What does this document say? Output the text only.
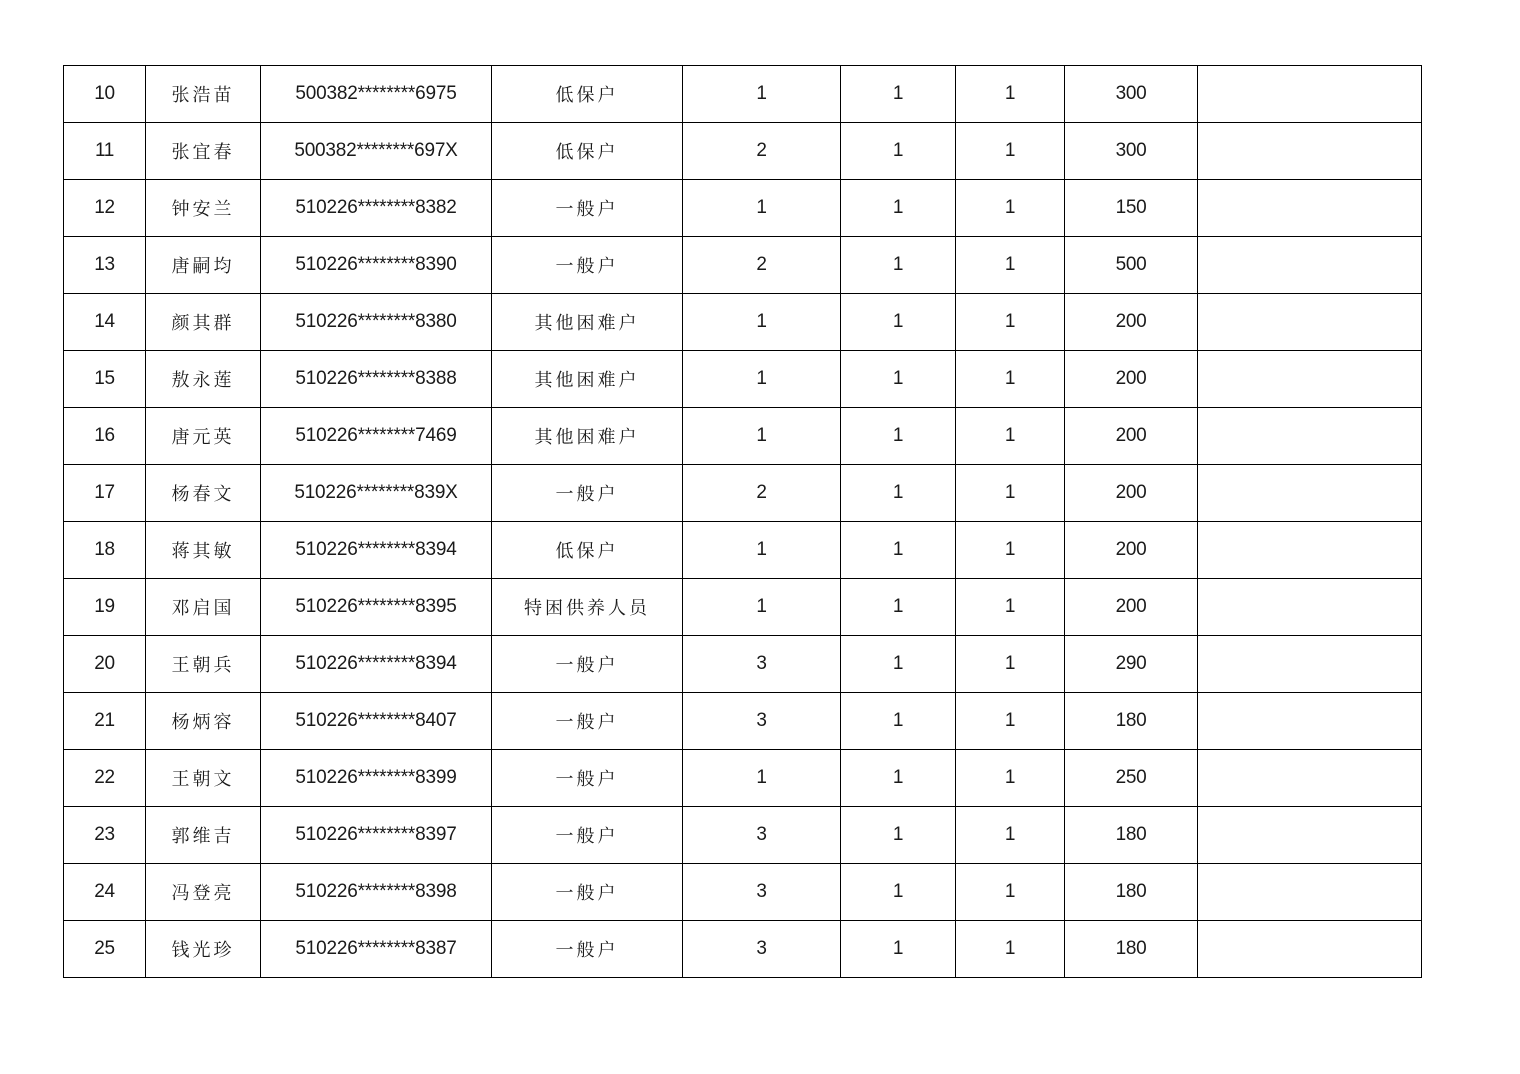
10	张浩苗	500382********6975	低保户	1	1	1	300	
11	张宜春	500382********697X	低保户	2	1	1	300	
12	钟安兰	510226********8382	一般户	1	1	1	150	
13	唐嗣均	510226********8390	一般户	2	1	1	500	
14	颜其群	510226********8380	其他困难户	1	1	1	200	
15	敖永莲	510226********8388	其他困难户	1	1	1	200	
16	唐元英	510226********7469	其他困难户	1	1	1	200	
17	杨春文	510226********839X	一般户	2	1	1	200	
18	蒋其敏	510226********8394	低保户	1	1	1	200	
19	邓启国	510226********8395	特困供养人员	1	1	1	200	
20	王朝兵	510226********8394	一般户	3	1	1	290	
21	杨炳容	510226********8407	一般户	3	1	1	180	
22	王朝文	510226********8399	一般户	1	1	1	250	
23	郭维吉	510226********8397	一般户	3	1	1	180	
24	冯登亮	510226********8398	一般户	3	1	1	180	
25	钱光珍	510226********8387	一般户	3	1	1	180	
